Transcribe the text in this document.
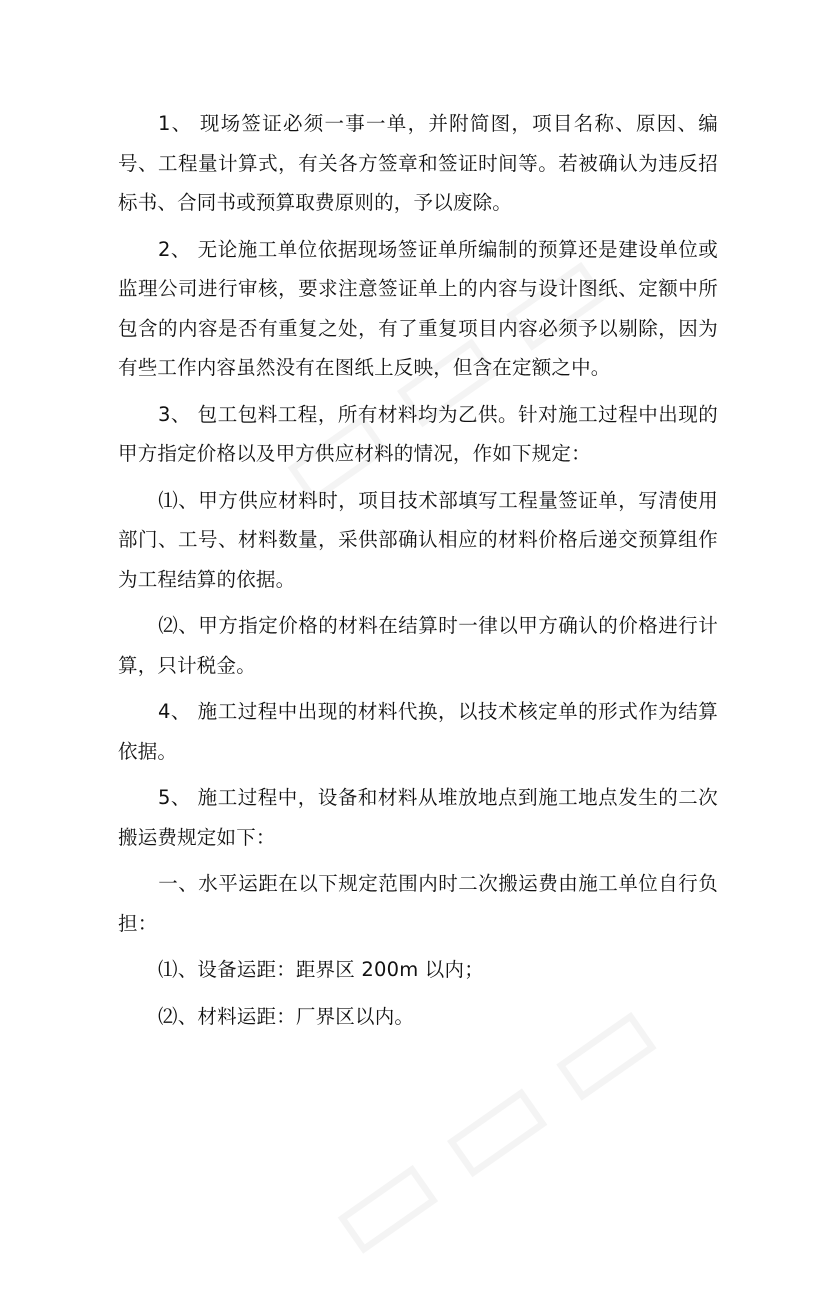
1、 现场签证必须一事一单，并附简图，项目名称、原因、编号、工程量计算式，有关各方签章和签证时间等。若被确认为违反招标书、合同书或预算取费原则的，予以废除。

2、 无论施工单位依据现场签证单所编制的预算还是建设单位或监理公司进行审核，要求注意签证单上的内容与设计图纸、定额中所包含的内容是否有重复之处，有了重复项目内容必须予以剔除，因为有些工作内容虽然没有在图纸上反映，但含在定额之中。

3、 包工包料工程，所有材料均为乙供。针对施工过程中出现的甲方指定价格以及甲方供应材料的情况，作如下规定：

⑴、甲方供应材料时，项目技术部填写工程量签证单，写清使用部门、工号、材料数量，采供部确认相应的材料价格后递交预算组作为工程结算的依据。

⑵、甲方指定价格的材料在结算时一律以甲方确认的价格进行计算，只计税金。

4、 施工过程中出现的材料代换，以技术核定单的形式作为结算依据。

5、 施工过程中，设备和材料从堆放地点到施工地点发生的二次搬运费规定如下：

一、水平运距在以下规定范围内时二次搬运费由施工单位自行负担：

⑴、设备运距：距界区 200m 以内；

⑵、材料运距：厂界区以内。
